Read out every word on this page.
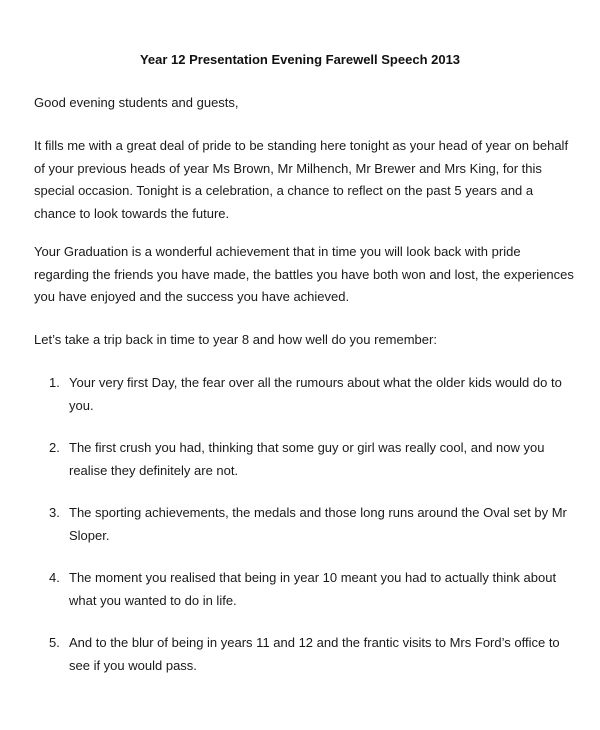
Year 12 Presentation Evening Farewell Speech 2013

Good evening students and guests,

It fills me with a great deal of pride to be standing here tonight as your head of year on behalf of your previous heads of year Ms Brown, Mr Milhench, Mr Brewer and Mrs King, for this special occasion. Tonight is a celebration, a chance to reflect on the past 5 years and a chance to look towards the future.

Your Graduation is a wonderful achievement that in time you will look back with pride regarding the friends you have made, the battles you have both won and lost, the experiences you have enjoyed and the success you have achieved.

Let’s take a trip back in time to year 8 and how well do you remember:

1. Your very first Day, the fear over all the rumours about what the older kids would do to you.
2. The first crush you had, thinking that some guy or girl was really cool, and now you realise they definitely are not.
3. The sporting achievements, the medals and those long runs around the Oval set by Mr Sloper.
4. The moment you realised that being in year 10 meant you had to actually think about what you wanted to do in life.
5. And to the blur of being in years 11 and 12 and the frantic visits to Mrs Ford’s office to see if you would pass.
